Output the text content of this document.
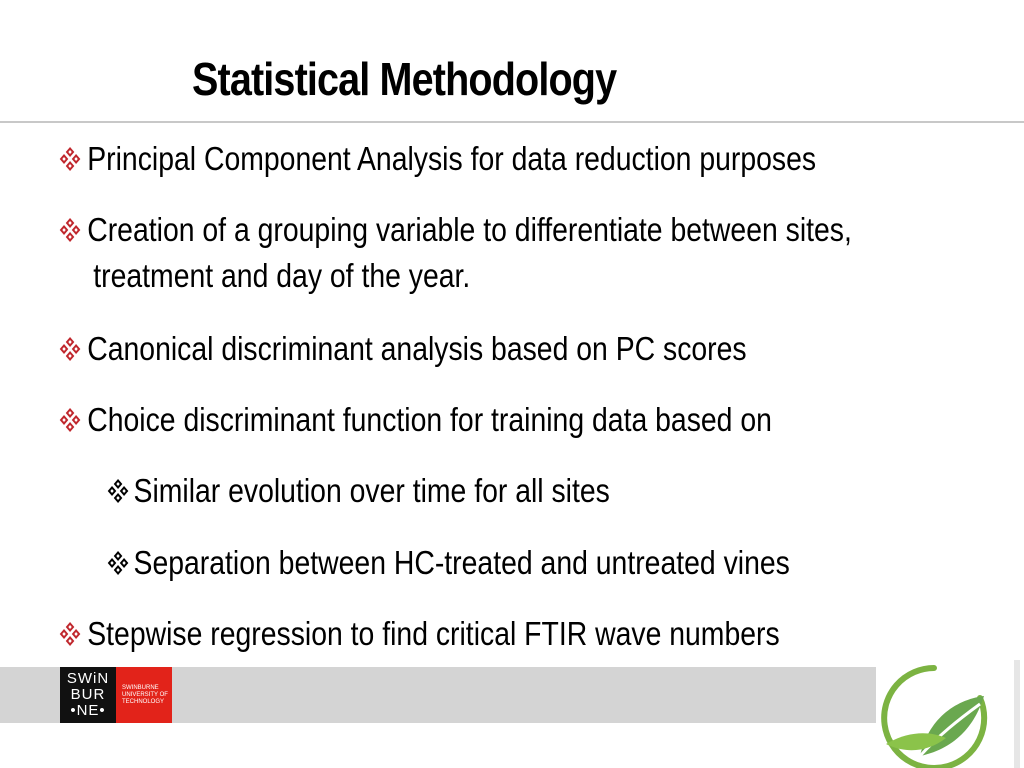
Statistical Methodology
Principal Component Analysis for data reduction purposes
Creation of a grouping variable to differentiate between sites,
treatment and day of the year.
Canonical discriminant analysis based on PC scores
Choice discriminant function for training data based on
Similar evolution over time for all sites
Separation between HC-treated and untreated vines
Stepwise regression to find critical FTIR wave numbers
SWiN
BUR
•NE•
SWINBURNE
UNIVERSITY OF
TECHNOLOGY
